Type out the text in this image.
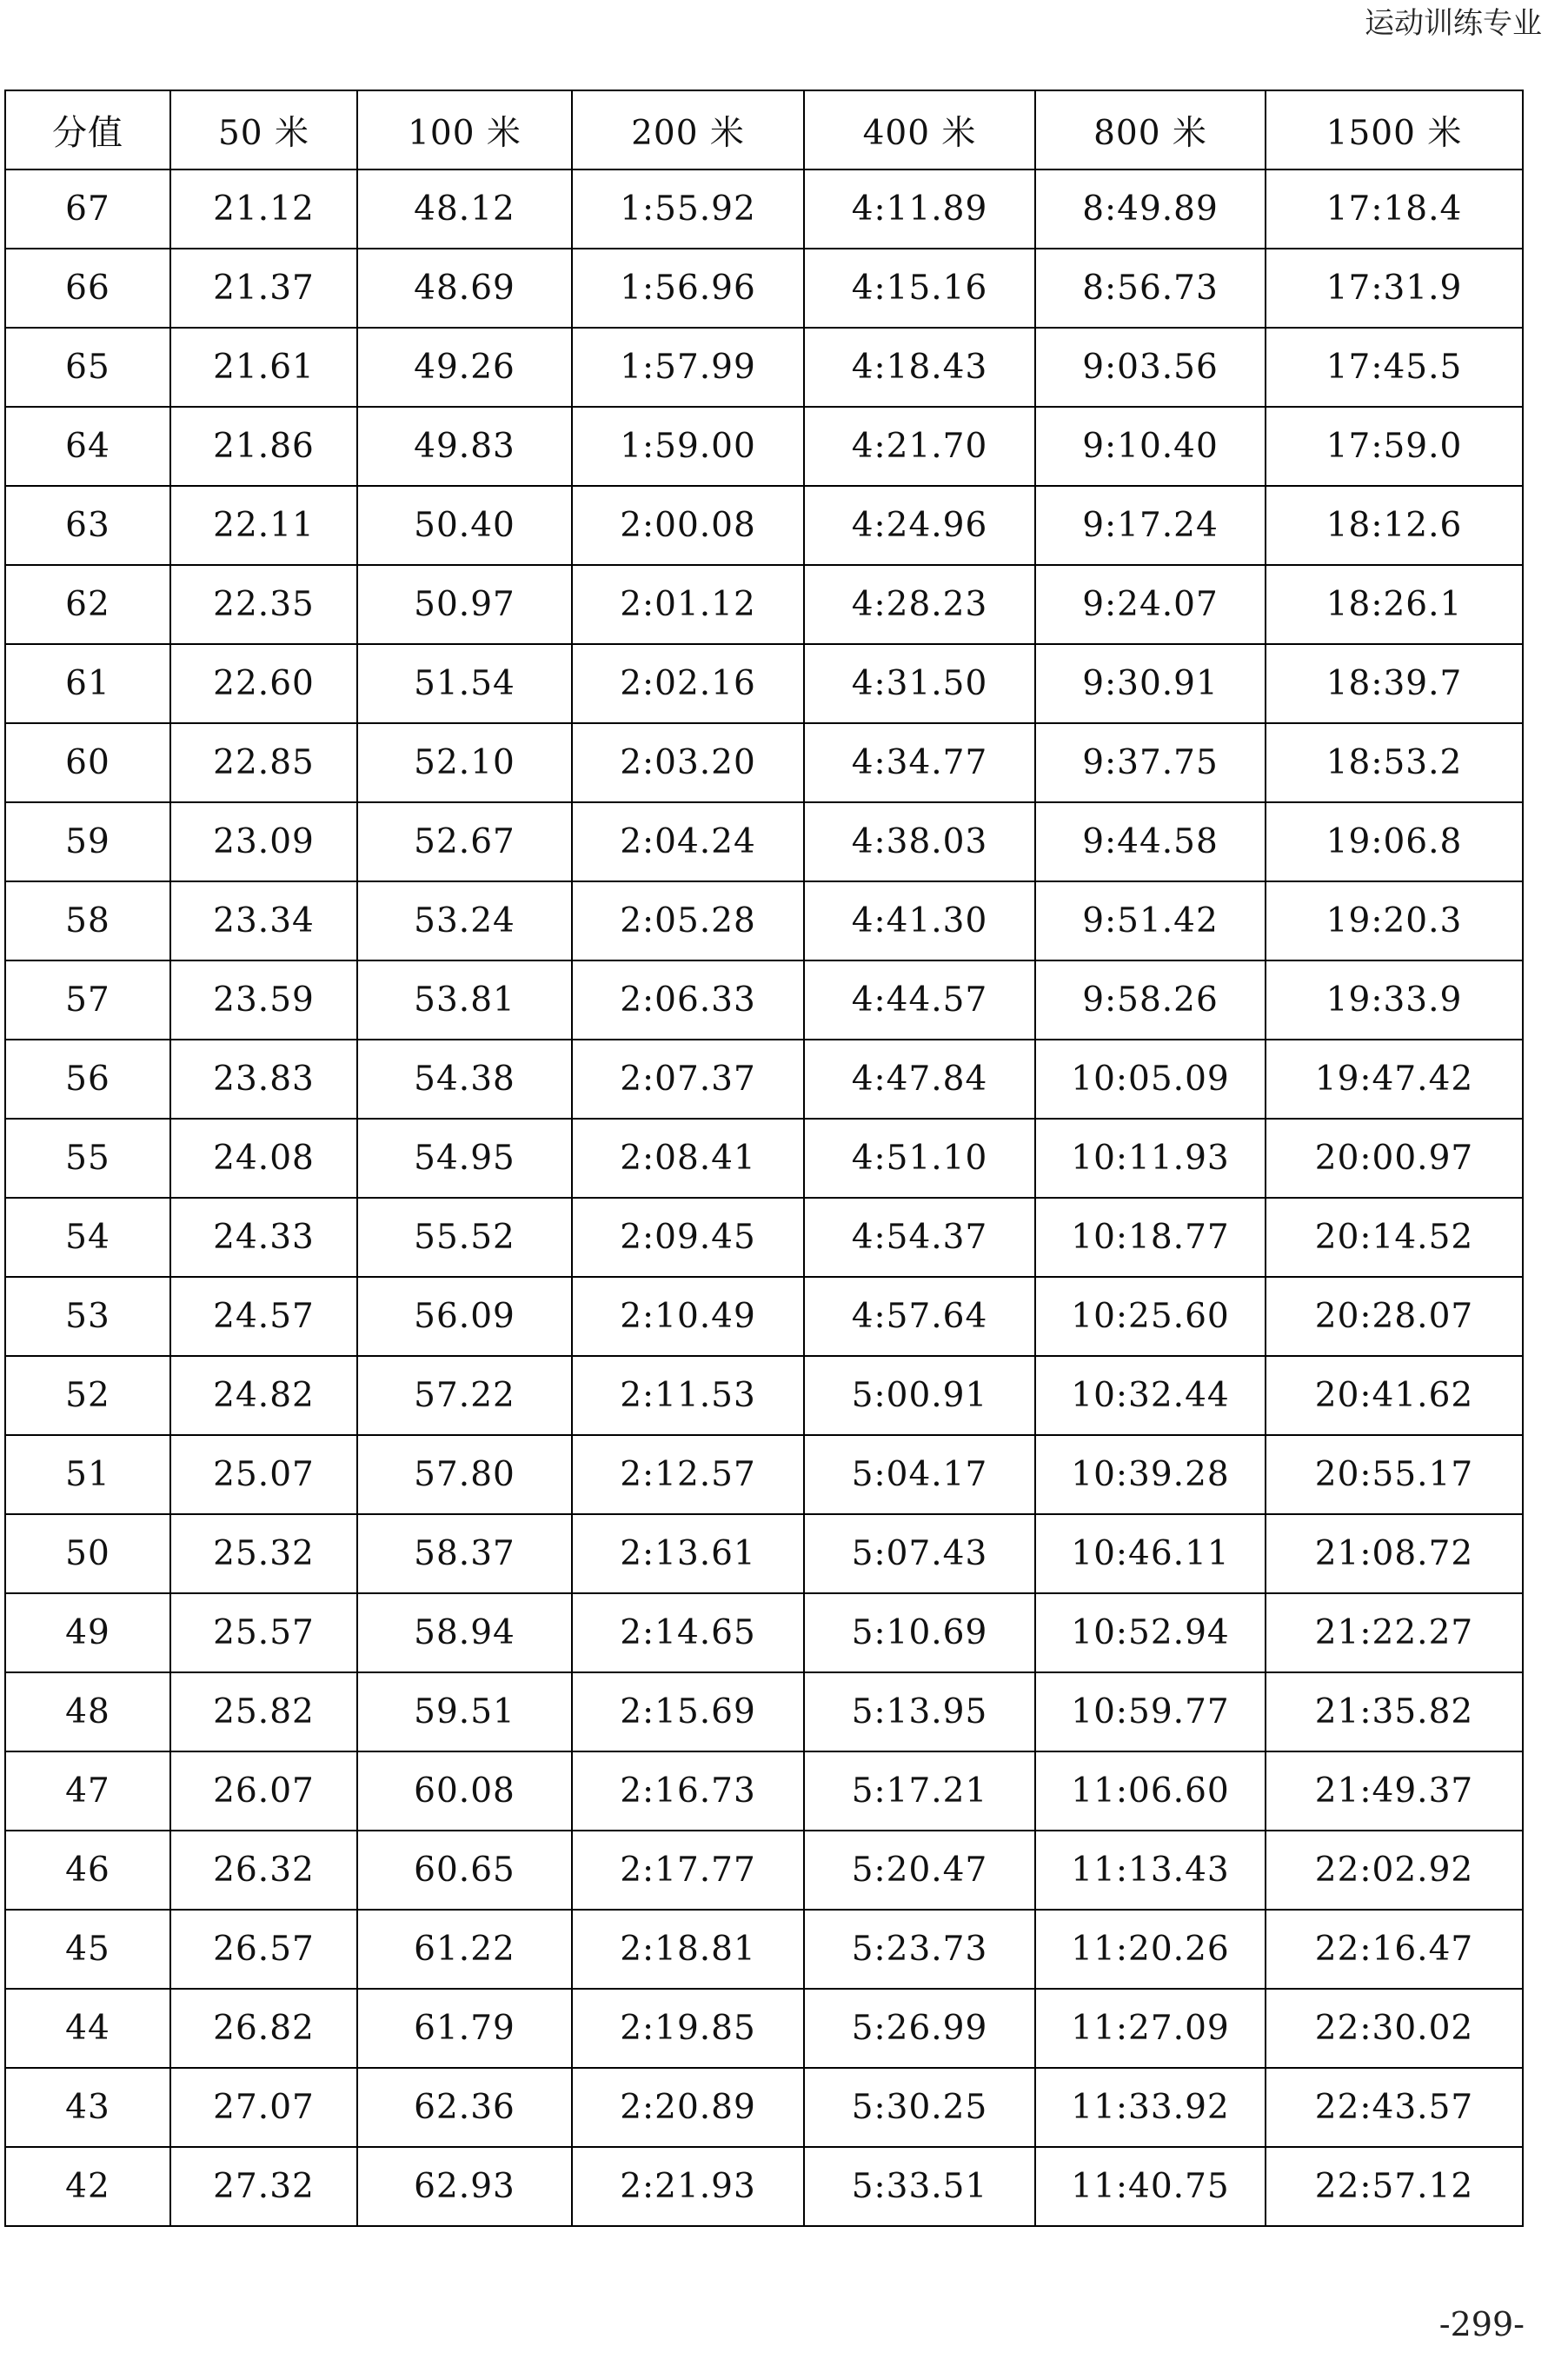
运动训练专业
分值	50 米	100 米	200 米	400 米	800 米	1500 米
67	21.12	48.12	1:55.92	4:11.89	8:49.89	17:18.4
66	21.37	48.69	1:56.96	4:15.16	8:56.73	17:31.9
65	21.61	49.26	1:57.99	4:18.43	9:03.56	17:45.5
64	21.86	49.83	1:59.00	4:21.70	9:10.40	17:59.0
63	22.11	50.40	2:00.08	4:24.96	9:17.24	18:12.6
62	22.35	50.97	2:01.12	4:28.23	9:24.07	18:26.1
61	22.60	51.54	2:02.16	4:31.50	9:30.91	18:39.7
60	22.85	52.10	2:03.20	4:34.77	9:37.75	18:53.2
59	23.09	52.67	2:04.24	4:38.03	9:44.58	19:06.8
58	23.34	53.24	2:05.28	4:41.30	9:51.42	19:20.3
57	23.59	53.81	2:06.33	4:44.57	9:58.26	19:33.9
56	23.83	54.38	2:07.37	4:47.84	10:05.09	19:47.42
55	24.08	54.95	2:08.41	4:51.10	10:11.93	20:00.97
54	24.33	55.52	2:09.45	4:54.37	10:18.77	20:14.52
53	24.57	56.09	2:10.49	4:57.64	10:25.60	20:28.07
52	24.82	57.22	2:11.53	5:00.91	10:32.44	20:41.62
51	25.07	57.80	2:12.57	5:04.17	10:39.28	20:55.17
50	25.32	58.37	2:13.61	5:07.43	10:46.11	21:08.72
49	25.57	58.94	2:14.65	5:10.69	10:52.94	21:22.27
48	25.82	59.51	2:15.69	5:13.95	10:59.77	21:35.82
47	26.07	60.08	2:16.73	5:17.21	11:06.60	21:49.37
46	26.32	60.65	2:17.77	5:20.47	11:13.43	22:02.92
45	26.57	61.22	2:18.81	5:23.73	11:20.26	22:16.47
44	26.82	61.79	2:19.85	5:26.99	11:27.09	22:30.02
43	27.07	62.36	2:20.89	5:30.25	11:33.92	22:43.57
42	27.32	62.93	2:21.93	5:33.51	11:40.75	22:57.12
-299-
